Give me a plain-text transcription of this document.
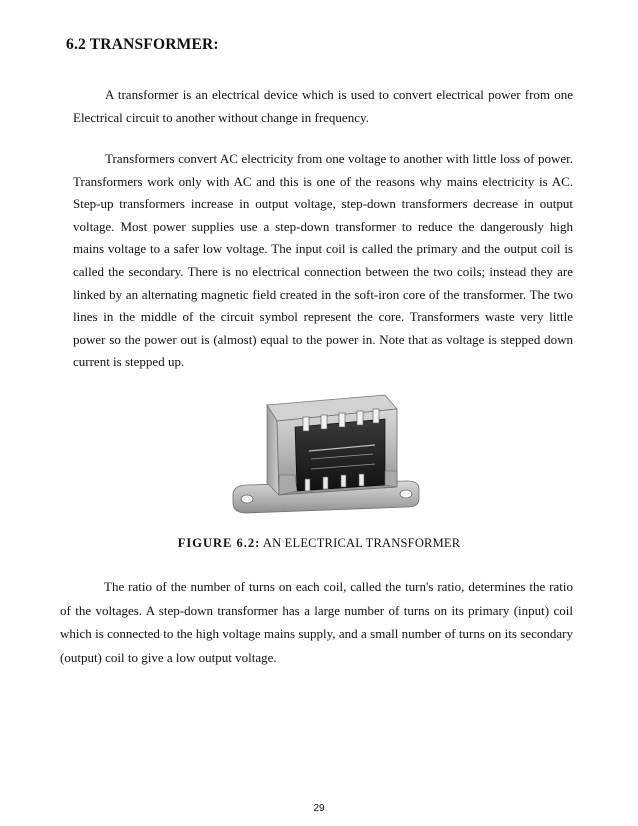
6.2 TRANSFORMER:

A transformer is an electrical device which is used to convert electrical power from one Electrical circuit to another without change in frequency.

Transformers convert AC electricity from one voltage to another with little loss of power. Transformers work only with AC and this is one of the reasons why mains electricity is AC. Step-up transformers increase in output voltage, step-down transformers decrease in output voltage. Most power supplies use a step-down transformer to reduce the dangerously high mains voltage to a safer low voltage. The input coil is called the primary and the output coil is called the secondary. There is no electrical connection between the two coils; instead they are linked by an alternating magnetic field created in the soft-iron core of the transformer. The two lines in the middle of the circuit symbol represent the core. Transformers waste very little power so the power out is (almost) equal to the power in. Note that as voltage is stepped down current is stepped up.

FIGURE 6.2: AN ELECTRICAL TRANSFORMER

The ratio of the number of turns on each coil, called the turn's ratio, determines the ratio of the voltages. A step-down transformer has a large number of turns on its primary (input) coil which is connected to the high voltage mains supply, and a small number of turns on its secondary (output) coil to give a low output voltage.

29
